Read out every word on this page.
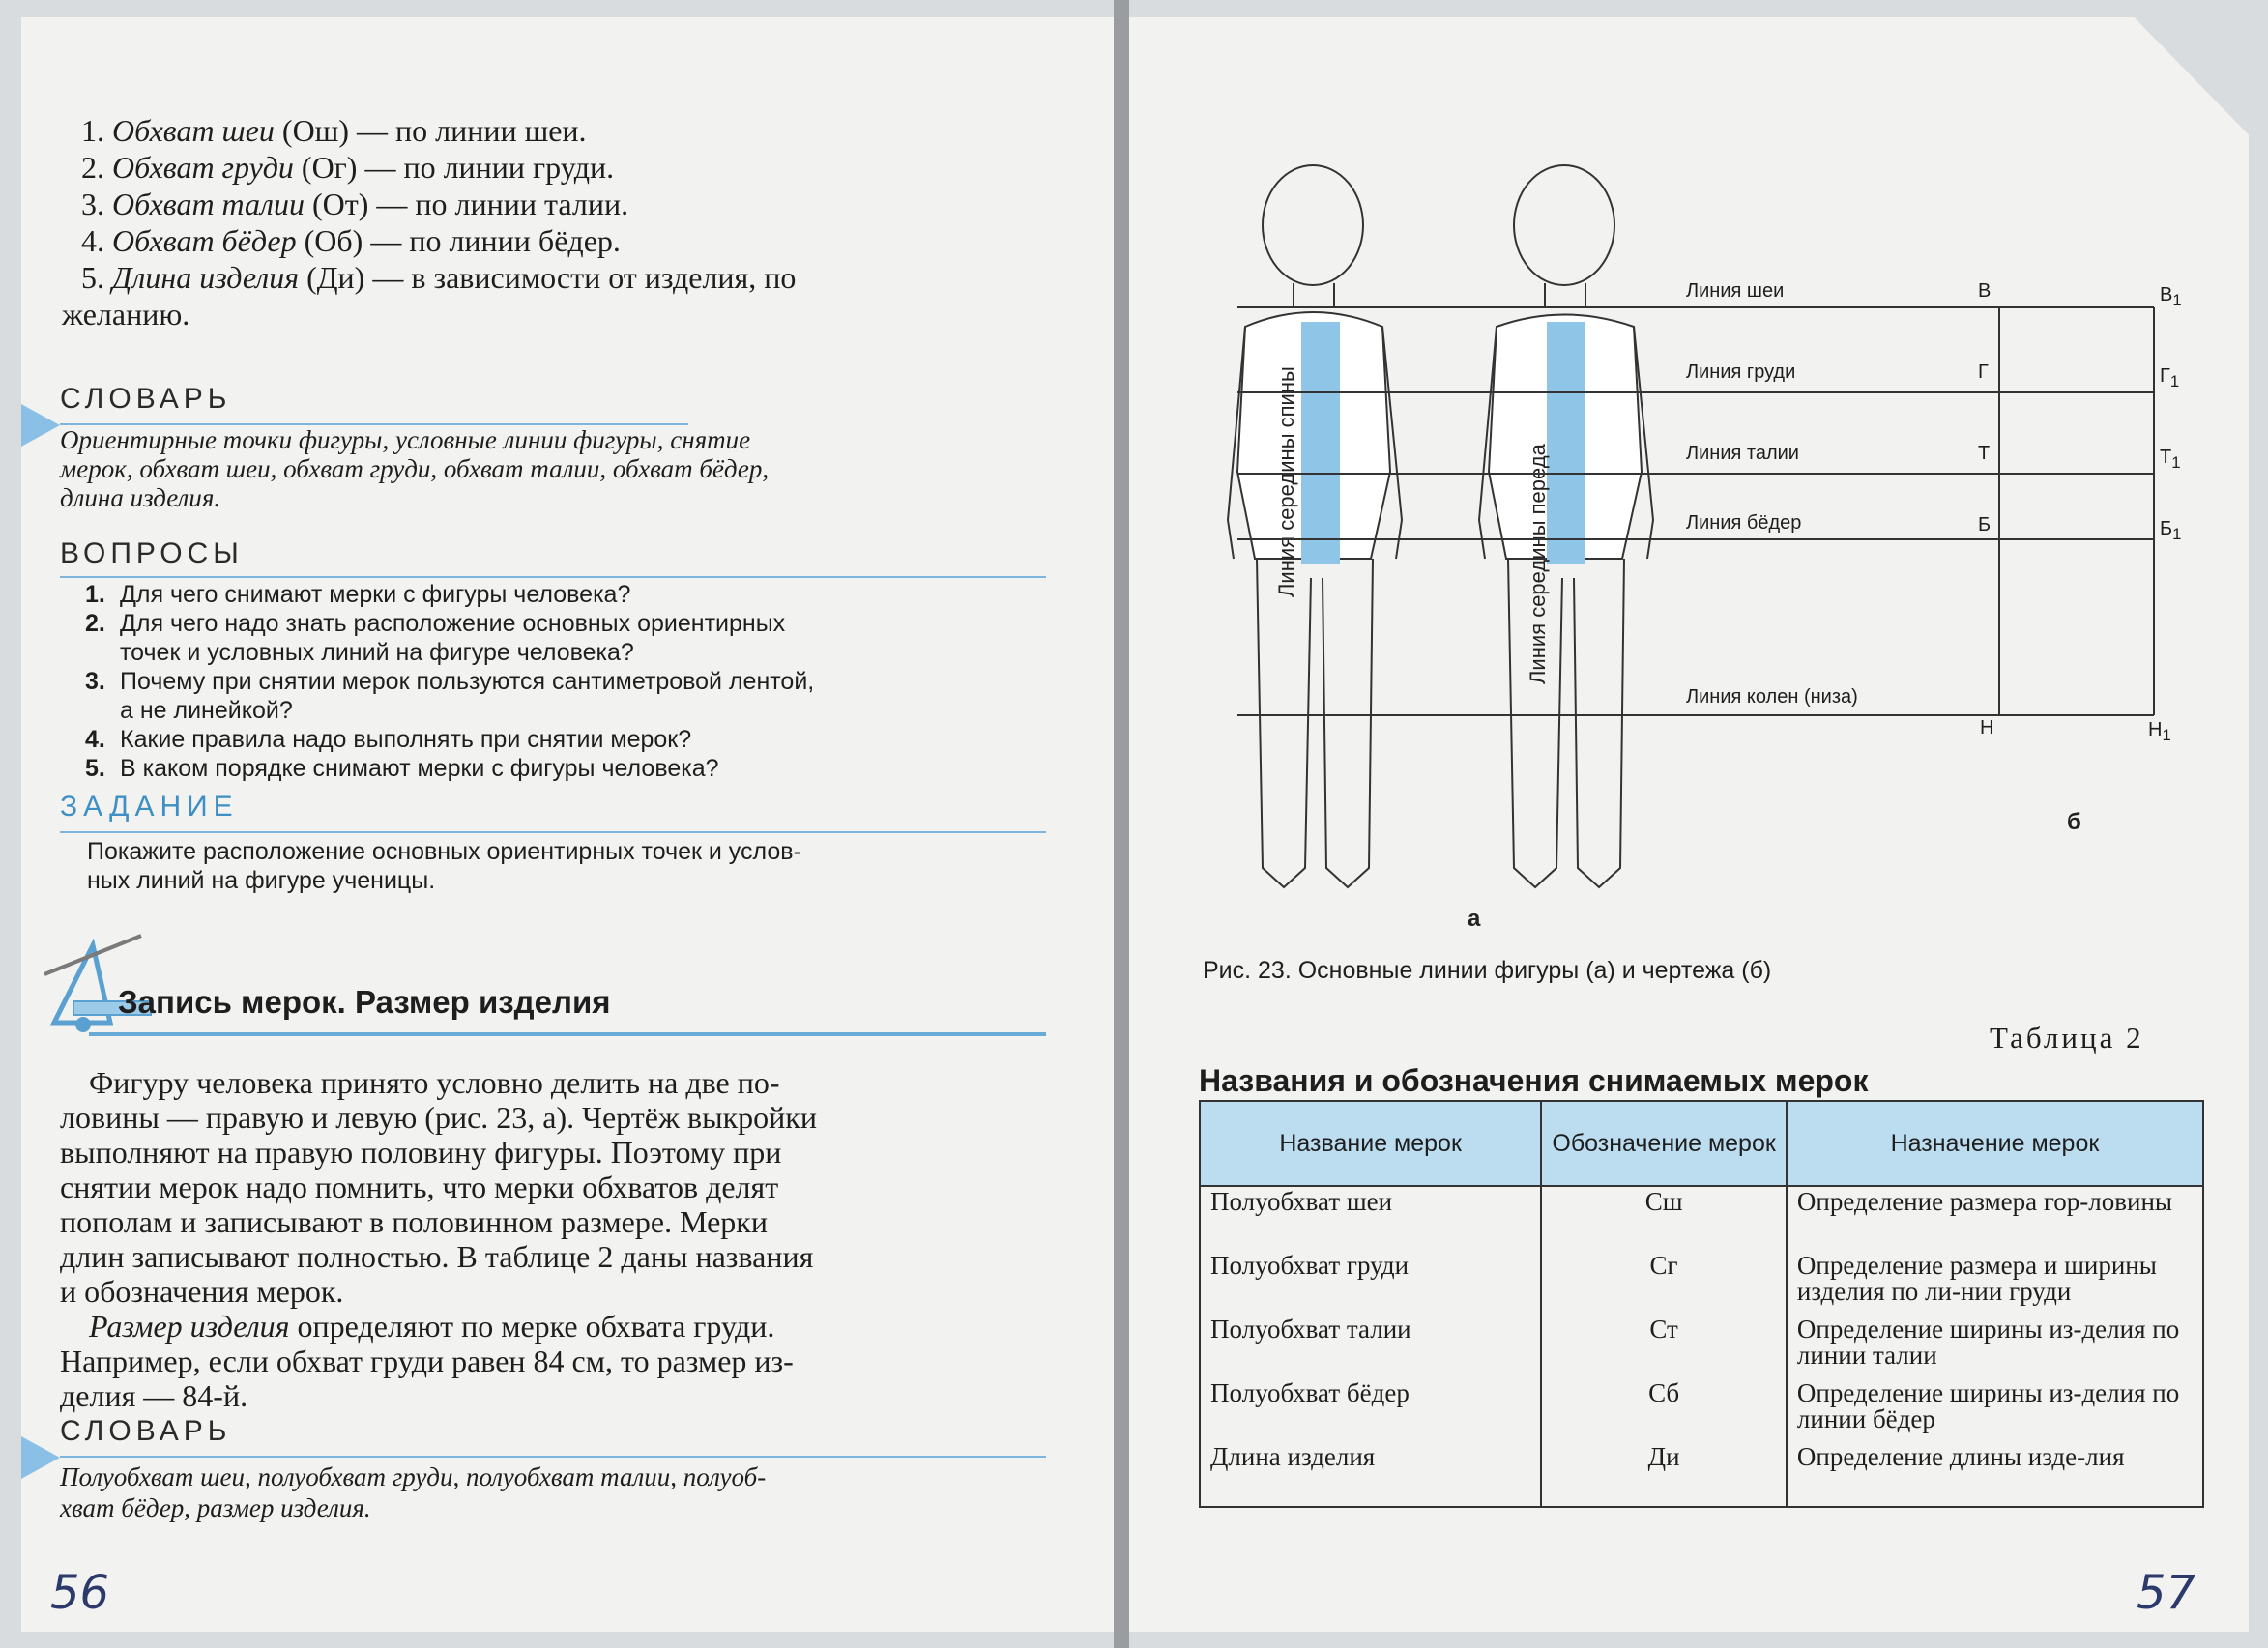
1. Обхват шеи (Ош) — по линии шеи.
2. Обхват груди (Ог) — по линии груди.
3. Обхват талии (От) — по линии талии.
4. Обхват бёдер (Об) — по линии бёдер.
5. Длина изделия (Ди) — в зависимости от изделия, по
желанию.
СЛОВАРЬ
Ориентирные точки фигуры, условные линии фигуры, снятие
мерок, обхват шеи, обхват груди, обхват талии, обхват бёдер,
длина изделия.
ВОПРОСЫ
1. Для чего снимают мерки с фигуры человека?
2. Для чего надо знать расположение основных ориентирных
точек и условных линий на фигуре человека?
3. Почему при снятии мерок пользуются сантиметровой лентой,
а не линейкой?
4. Какие правила надо выполнять при снятии мерок?
5. В каком порядке снимают мерки с фигуры человека?
ЗАДАНИЕ
Покажите расположение основных ориентирных точек и услов-
ных линий на фигуре ученицы.
Запись мерок. Размер изделия
Фигуру человека принято условно делить на две по-
ловины — правую и левую (рис. 23, а). Чертёж выкройки
выполняют на правую половину фигуры. Поэтому при
снятии мерок надо помнить, что мерки обхватов делят
пополам и записывают в половинном размере. Мерки
длин записывают полностью. В таблице 2 даны названия
и обозначения мерок.
Размер изделия определяют по мерке обхвата груди.
Например, если обхват груди равен 84 см, то размер из-
делия — 84-й.
СЛОВАРЬ
Полуобхват шеи, полуобхват груди, полуобхват талии, полуоб-
хват бёдер, размер изделия.
56
Линия середины спины	Линия середины переда
а
б
Линия шеи	В	$В_1$
Линия груди	Г	$Г_1$
Линия талии	Т	$Т_1$
Линия бёдер	Б	$Б_1$
Линия колен (низа)
Н	$Н_1$
Рис. 23. Основные линии фигуры (а) и чертежа (б)
Таблица 2
Названия и обозначения снимаемых мерок
Название мерок	Обозначение мерок	Назначение мерок
Полуобхват шеи	Сш	Определение размера гор-ловины
Полуобхват груди	Сг	Определение размера и ширины изделия по ли-нии груди
Полуобхват талии	Ст	Определение ширины из-делия по линии талии
Полуобхват бёдер	Сб	Определение ширины из-делия по линии бёдер
Длина изделия	Ди	Определение длины изде-лия
57
